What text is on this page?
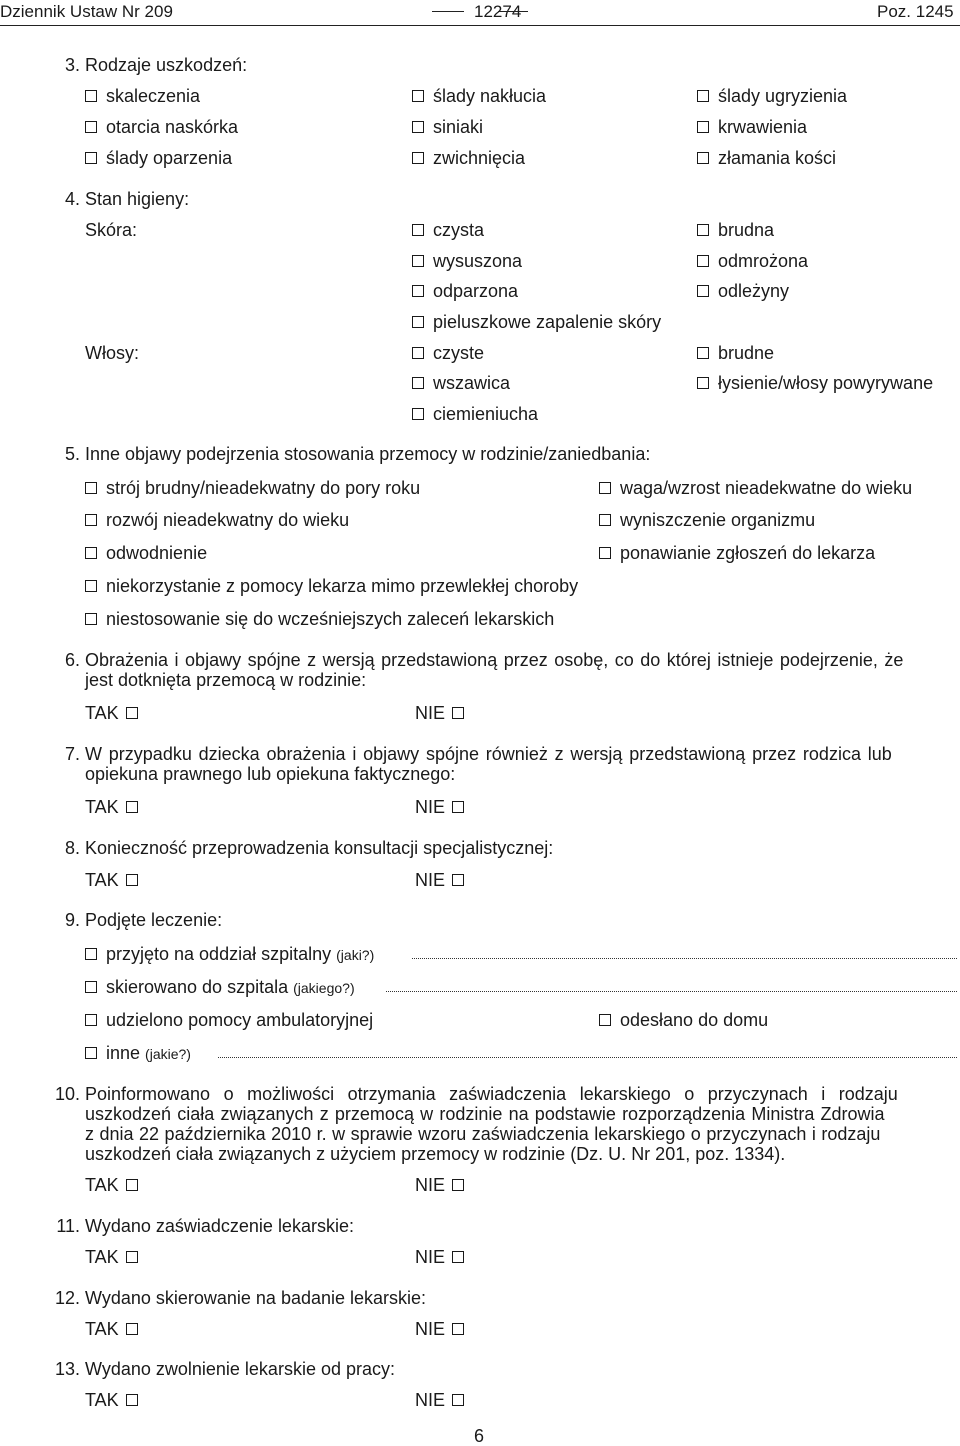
Dziennik Ustaw Nr 209	12274	Poz. 1245
3. Rodzaje uszkodzeń:
skaleczenia	ślady nakłucia	ślady ugryzienia
otarcia naskórka	siniaki	krwawienia
ślady oparzenia	zwichnięcia	złamania kości
4. Stan higieny:
Skóra:	czysta	brudna
wysuszona	odmrożona
odparzona	odleżyny
pieluszkowe zapalenie skóry
Włosy:	czyste	brudne
wszawica	łysienie/włosy powyrywane
ciemieniucha
5. Inne objawy podejrzenia stosowania przemocy w rodzinie/zaniedbania:
strój brudny/nieadekwatny do pory roku	waga/wzrost nieadekwatne do wieku
rozwój nieadekwatny do wieku	wyniszczenie organizmu
odwodnienie	ponawianie zgłoszeń do lekarza
niekorzystanie z pomocy lekarza mimo przewlekłej choroby
niestosowanie się do wcześniejszych zaleceń lekarskich
6. Obrażenia i objawy spójne z wersją przedstawioną przez osobę, co do której istnieje podejrzenie, że
jest dotknięta przemocą w rodzinie:
TAK	NIE
7. W przypadku dziecka obrażenia i objawy spójne również z wersją przedstawioną przez rodzica lub
opiekuna prawnego lub opiekuna faktycznego:
TAK	NIE
8. Konieczność przeprowadzenia konsultacji specjalistycznej:
TAK	NIE
9. Podjęte leczenie:
przyjęto na oddział szpitalny (jaki?)
skierowano do szpitala (jakiego?)
udzielono pomocy ambulatoryjnej	odesłano do domu
inne (jakie?)
10. Poinformowano o możliwości otrzymania zaświadczenia lekarskiego o przyczynach i rodzaju
uszkodzeń ciała związanych z przemocą w rodzinie na podstawie rozporządzenia Ministra Zdrowia
z dnia 22 października 2010 r. w sprawie wzoru zaświadczenia lekarskiego o przyczynach i rodzaju
uszkodzeń ciała związanych z użyciem przemocy w rodzinie (Dz. U. Nr 201, poz. 1334).
TAK	NIE
11. Wydano zaświadczenie lekarskie:
TAK	NIE
12. Wydano skierowanie na badanie lekarskie:
TAK	NIE
13. Wydano zwolnienie lekarskie od pracy:
TAK	NIE
6
